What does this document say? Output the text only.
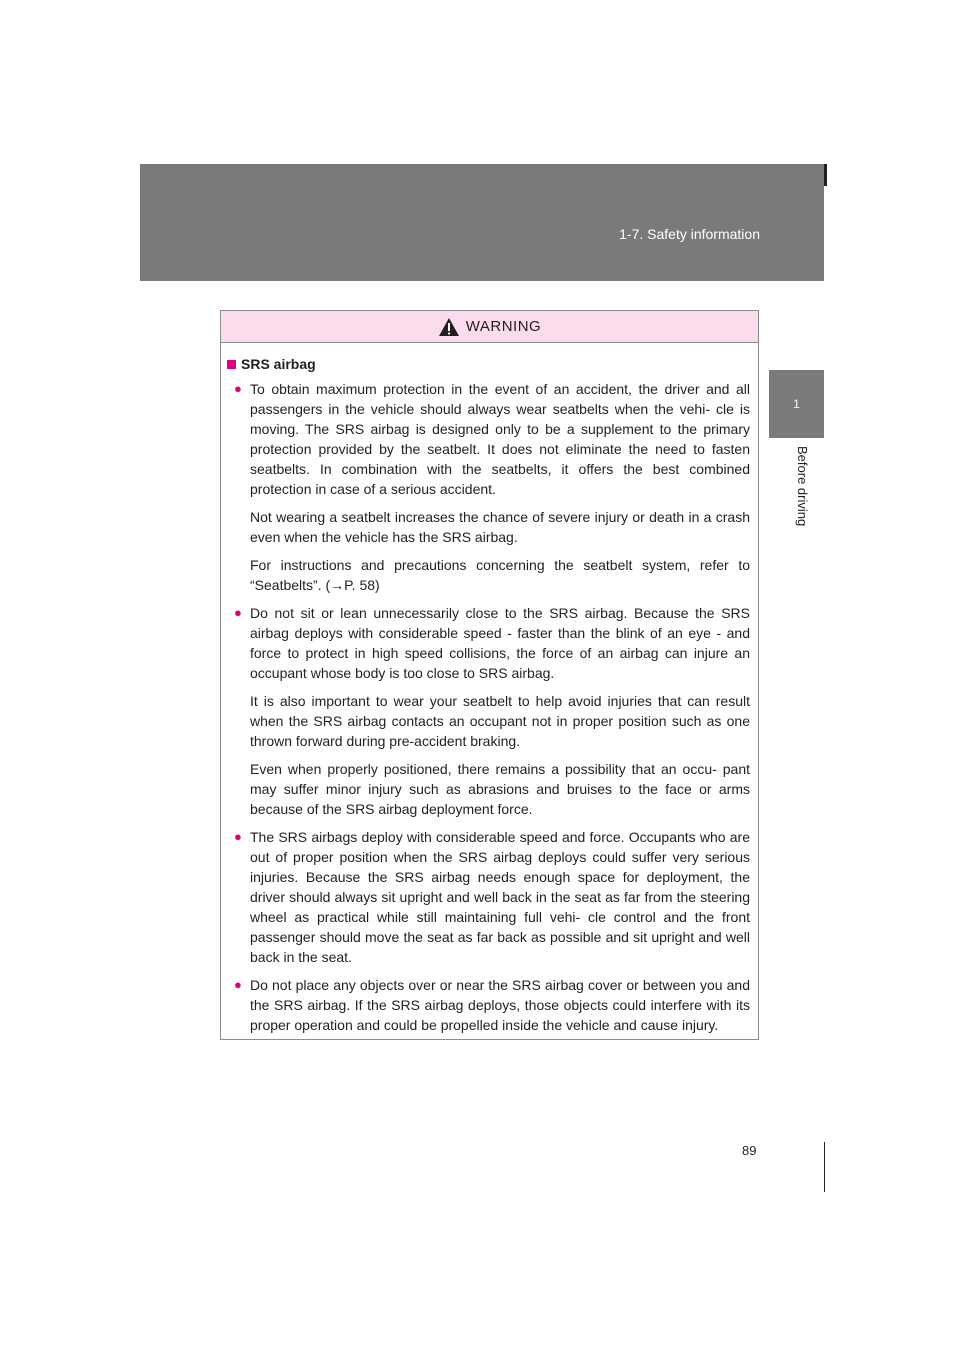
1-7. Safety information
1
Before driving
WARNING
SRS airbag
● To obtain maximum protection in the event of an accident, the driver and all passengers in the vehicle should always wear seatbelts when the vehi- cle is moving. The SRS airbag is designed only to be a supplement to the primary protection provided by the seatbelt. It does not eliminate the need to fasten seatbelts. In combination with the seatbelts, it offers the best combined protection in case of a serious accident.

Not wearing a seatbelt increases the chance of severe injury or death in a crash even when the vehicle has the SRS airbag.

For instructions and precautions concerning the seatbelt system, refer to “Seatbelts”. (→P. 58)

● Do not sit or lean unnecessarily close to the SRS airbag. Because the SRS airbag deploys with considerable speed - faster than the blink of an eye - and force to protect in high speed collisions, the force of an airbag can injure an occupant whose body is too close to SRS airbag.

It is also important to wear your seatbelt to help avoid injuries that can result when the SRS airbag contacts an occupant not in proper position such as one thrown forward during pre-accident braking.

Even when properly positioned, there remains a possibility that an occu- pant may suffer minor injury such as abrasions and bruises to the face or arms because of the SRS airbag deployment force.

● The SRS airbags deploy with considerable speed and force. Occupants who are out of proper position when the SRS airbag deploys could suffer very serious injuries. Because the SRS airbag needs enough space for deployment, the driver should always sit upright and well back in the seat as far from the steering wheel as practical while still maintaining full vehi- cle control and the front passenger should move the seat as far back as possible and sit upright and well back in the seat.

● Do not place any objects over or near the SRS airbag cover or between you and the SRS airbag. If the SRS airbag deploys, those objects could interfere with its proper operation and could be propelled inside the vehicle and cause injury.

89
